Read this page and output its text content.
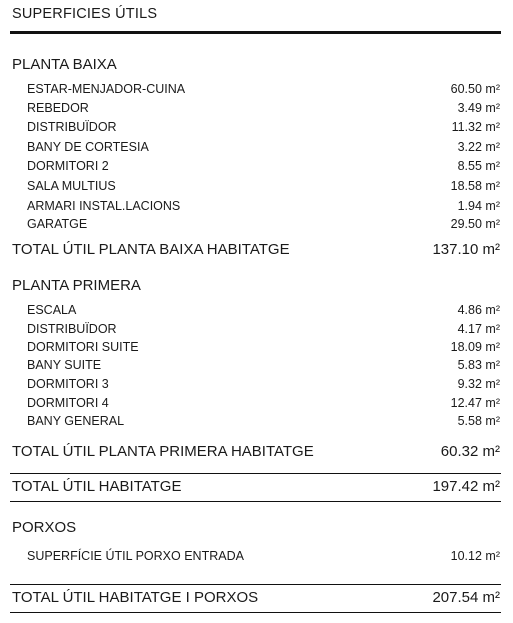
SUPERFICIES ÚTILS
PLANTA BAIXA
ESTAR-MENJADOR-CUINA	60.50 m²
REBEDOR	3.49 m²
DISTRIBUÏDOR	11.32 m²
BANY DE CORTESIA	3.22 m²
DORMITORI 2	8.55 m²
SALA MULTIUS	18.58 m²
ARMARI INSTAL.LACIONS	1.94 m²
GARATGE	29.50 m²
TOTAL ÚTIL PLANTA BAIXA HABITATGE	137.10 m²
PLANTA PRIMERA
ESCALA	4.86 m²
DISTRIBUÏDOR	4.17 m²
DORMITORI SUITE	18.09 m²
BANY SUITE	5.83 m²
DORMITORI 3	9.32 m²
DORMITORI 4	12.47 m²
BANY GENERAL	5.58 m²
TOTAL ÚTIL PLANTA PRIMERA HABITATGE	60.32 m²
TOTAL ÚTIL HABITATGE	197.42 m²
PORXOS
SUPERFÍCIE ÚTIL PORXO ENTRADA	10.12 m²
TOTAL ÚTIL HABITATGE I PORXOS	207.54 m²
